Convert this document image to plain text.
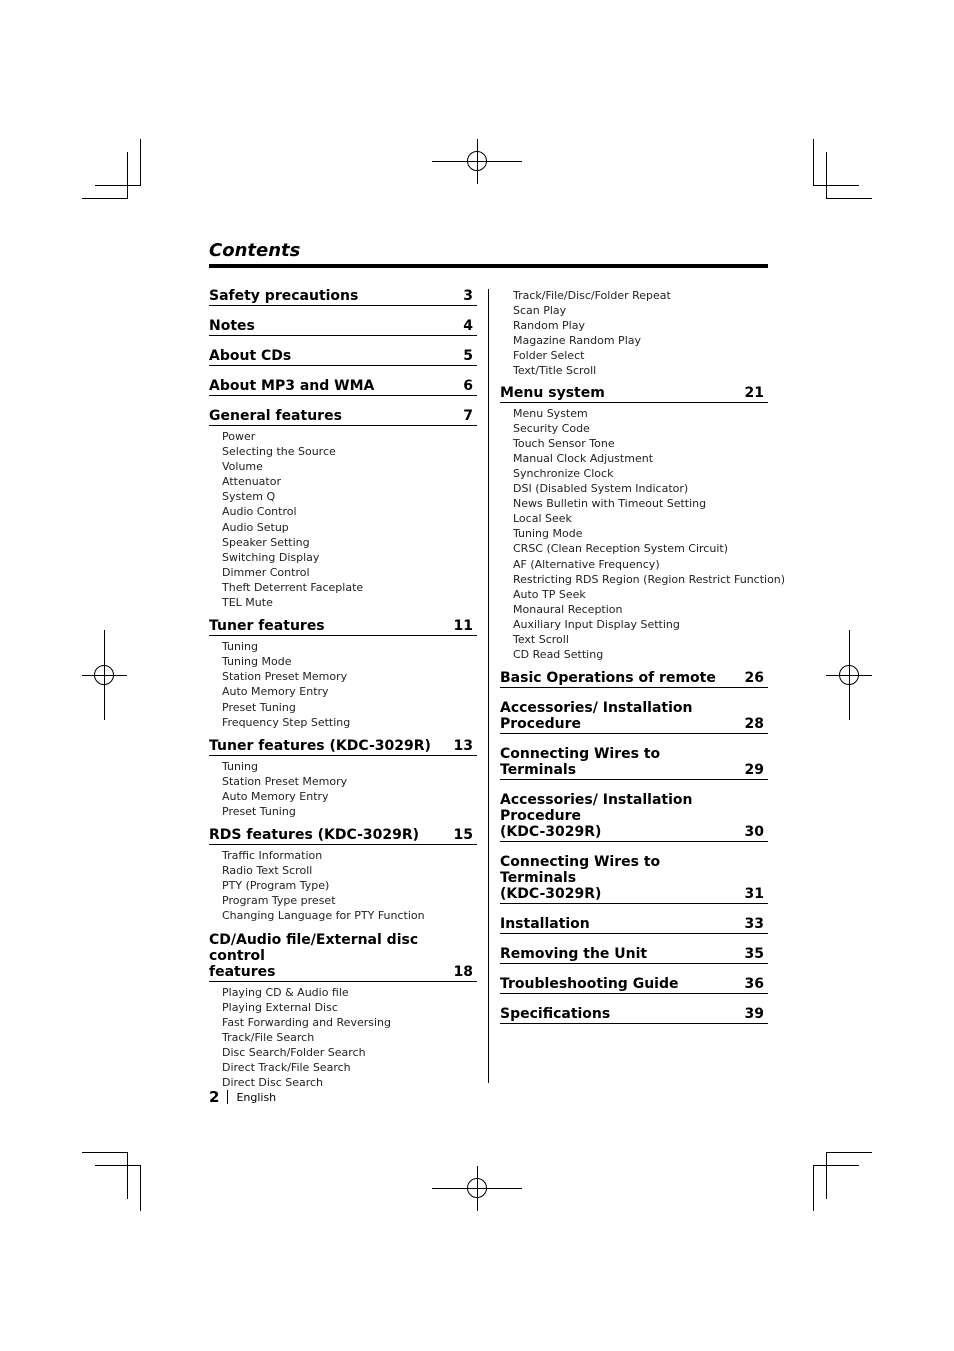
Contents
Safety precautions	3
Notes	4
About CDs	5
About MP3 and WMA	6
General features	7
Power
Selecting the Source
Volume
Attenuator
System Q
Audio Control
Audio Setup
Speaker Setting
Switching Display
Dimmer Control
Theft Deterrent Faceplate
TEL Mute
Tuner features	11
Tuning
Tuning Mode
Station Preset Memory
Auto Memory Entry
Preset Tuning
Frequency Step Setting
Tuner features (KDC-3029R)	13
Tuning
Station Preset Memory
Auto Memory Entry
Preset Tuning
RDS features (KDC-3029R)	15
Traffic Information
Radio Text Scroll
PTY (Program Type)
Program Type preset
Changing Language for PTY Function
CD/Audio file/External disc control
features	18
Playing CD & Audio file
Playing External Disc
Fast Forwarding and Reversing
Track/File Search
Disc Search/Folder Search
Direct Track/File Search
Direct Disc Search
Track/File/Disc/Folder Repeat
Scan Play
Random Play
Magazine Random Play
Folder Select
Text/Title Scroll
Menu system	21
Menu System
Security Code
Touch Sensor Tone
Manual Clock Adjustment
Synchronize Clock
DSI (Disabled System Indicator)
News Bulletin with Timeout Setting
Local Seek
Tuning Mode
CRSC (Clean Reception System Circuit)
AF (Alternative Frequency)
Restricting RDS Region (Region Restrict Function)
Auto TP Seek
Monaural Reception
Auxiliary Input Display Setting
Text Scroll
CD Read Setting
Basic Operations of remote	26
Accessories/ Installation Procedure	28
Connecting Wires to Terminals	29
Accessories/ Installation Procedure
(KDC-3029R)	30
Connecting Wires to Terminals
(KDC-3029R)	31
Installation	33
Removing the Unit	35
Troubleshooting Guide	36
Specifications	39
2 English
